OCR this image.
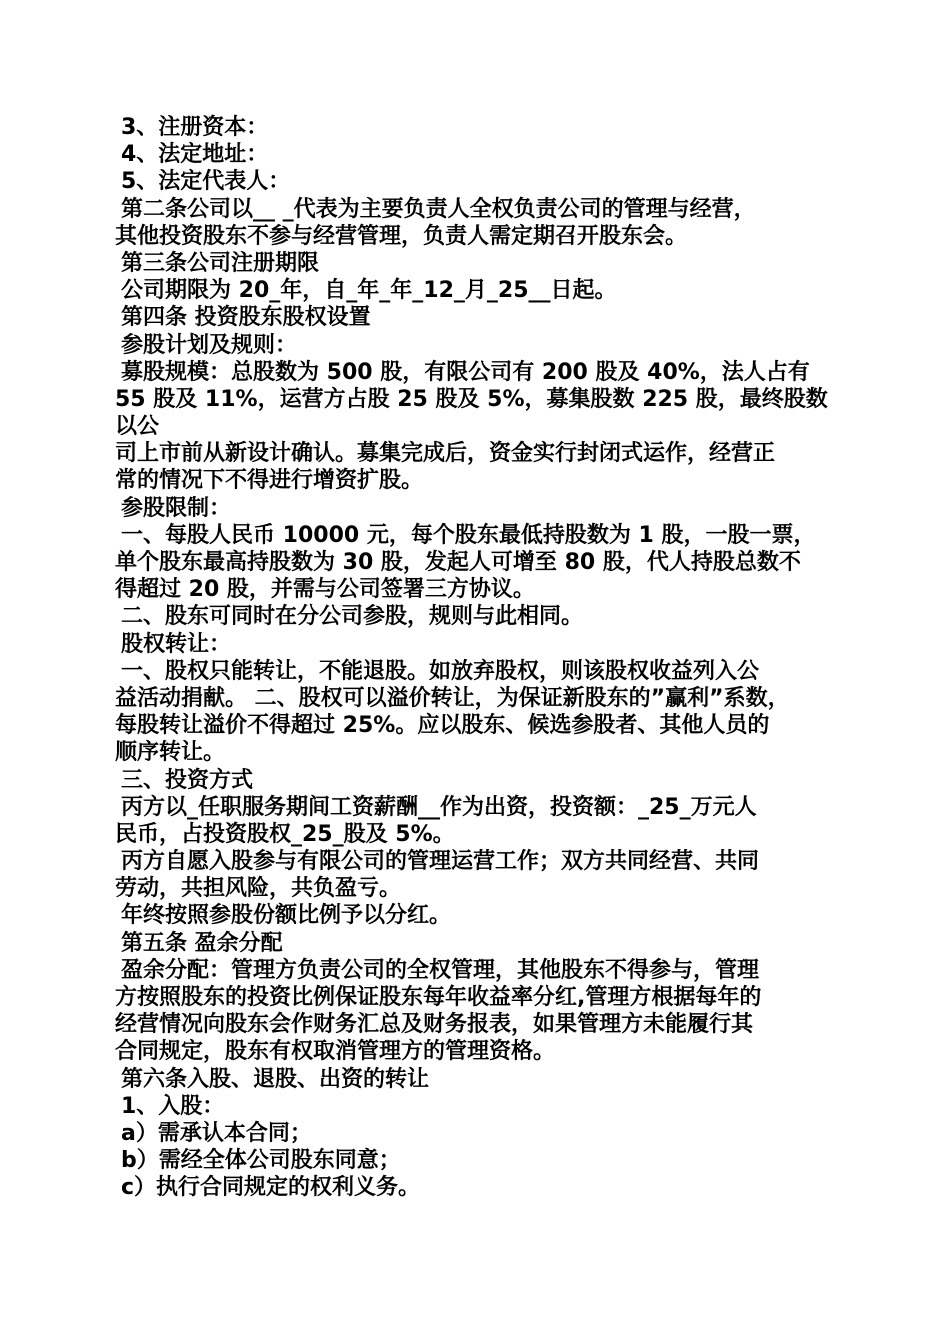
3、注册资本：
4、法定地址：
5、法定代表人：
第二条公司以__ _代表为主要负责人全权负责公司的管理与经营，
其他投资股东不参与经营管理，负责人需定期召开股东会。
第三条公司注册期限
公司期限为 20_年，自_年_年_12_月_25__日起。
第四条 投资股东股权设置
参股计划及规则：
募股规模：总股数为 500 股，有限公司有 200 股及 40%，法人占有
55 股及 11%，运营方占股 25 股及 5%，募集股数 225 股，最终股数
以公
司上市前从新设计确认。募集完成后，资金实行封闭式运作，经营正
常的情况下不得进行增资扩股。
参股限制：
一、每股人民币 10000 元，每个股东最低持股数为 1 股，一股一票，
单个股东最高持股数为 30 股，发起人可增至 80 股，代人持股总数不
得超过 20 股，并需与公司签署三方协议。
二、股东可同时在分公司参股，规则与此相同。
股权转让：
一、股权只能转让，不能退股。如放弃股权，则该股权收益列入公
益活动捐献。 二、股权可以溢价转让，为保证新股东的”赢利”系数，
每股转让溢价不得超过 25%。应以股东、候选参股者、其他人员的
顺序转让。
三、投资方式
丙方以_任职服务期间工资薪酬__作为出资，投资额：_25_万元人
民币，占投资股权_25_股及 5%。
丙方自愿入股参与有限公司的管理运营工作；双方共同经营、共同
劳动，共担风险，共负盈亏。
年终按照参股份额比例予以分红。
第五条 盈余分配
盈余分配：管理方负责公司的全权管理，其他股东不得参与，管理
方按照股东的投资比例保证股东每年收益率分红,管理方根据每年的
经营情况向股东会作财务汇总及财务报表，如果管理方未能履行其
合同规定，股东有权取消管理方的管理资格。
第六条入股、退股、出资的转让
1、入股：
a）需承认本合同；
b）需经全体公司股东同意；
c）执行合同规定的权利义务。
